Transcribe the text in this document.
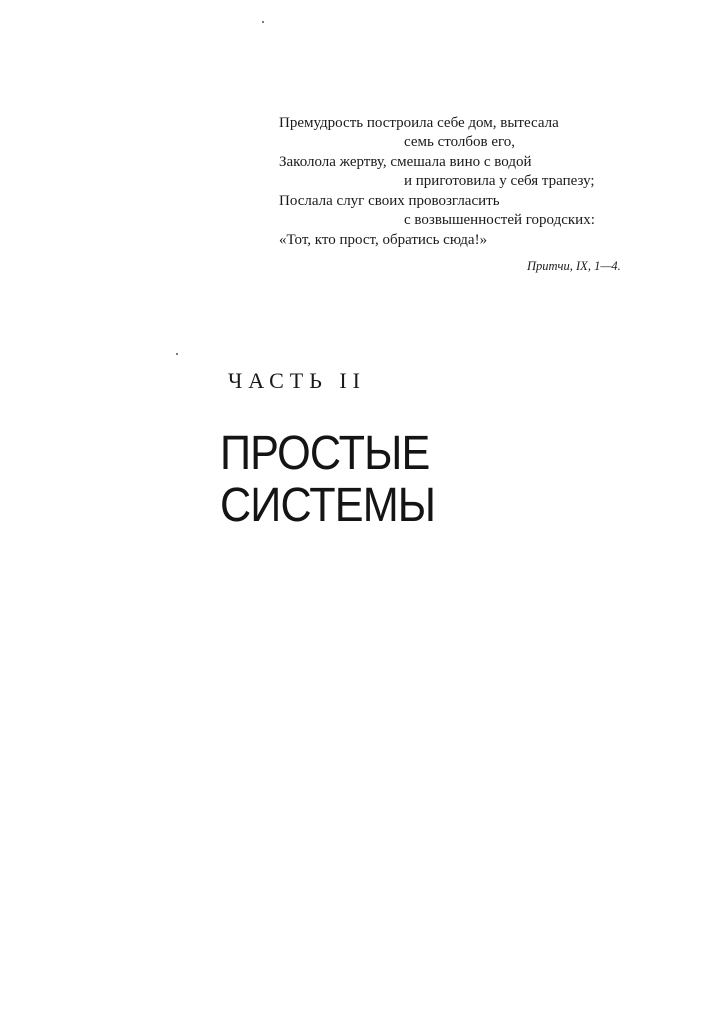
Премудрость построила себе дом, вытесала
семь столбов его,
Заколола жертву, смешала вино с водой
и приготовила у себя трапезу;
Послала слуг своих провозгласить
с возвышенностей городских:
«Тот, кто прост, обратись сюда!»
Притчи, IX, 1—4.
ЧАСТЬ II
ПРОСТЫЕ
СИСТЕМЫ
